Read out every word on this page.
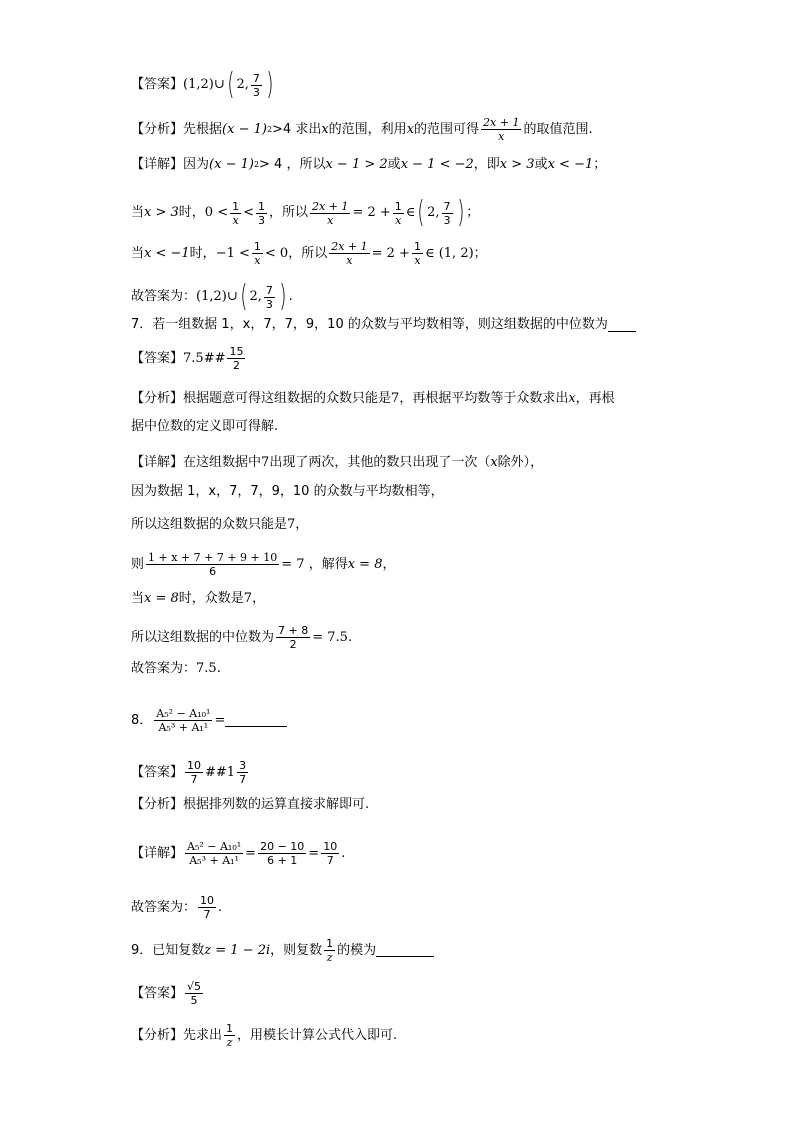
【答案】 (1,2)∪ ( 2, $\frac{7}{3}$ )
【分析】 先根据 (x − 1) 2 >4 求出 x 的范围，利用 x 的范围可得 $\frac{2x + 1}{x}$ 的取值范围.
【详解】 因为 (x − 1) 2 > 4 ，所以 x − 1 > 2 或 x − 1 < −2 ，即 x > 3 或 x < −1 ；
当 x > 3 时， $0 < \frac{1}{x} < \frac{1}{3}$ ，所以 $\frac{2x + 1}{x} = 2 + \frac{1}{x}$ ∈ ( 2, $\frac{7}{3}$ ) ；
当 x < −1 时， $-1 < \frac{1}{x} < 0$ ，所以 $\frac{2x + 1}{x} = 2 + \frac{1}{x}$ ∈ (1, 2) ；
故答案为： (1,2)∪ ( 2, $\frac{7}{3}$ ) .
7．若一组数据 1，x，7，7，9，10 的众数与平均数相等，则这组数据的中位数为
【答案】 7.5## $\frac{15}{2}$
【分析】 根据题意可得这组数据的众数只能是 7 ，再根据平均数等于众数求出 x ，再根
据中位数的定义即可得解.
【详解】 在这组数据中 7 出现了两次，其他的数只出现了一次（ x 除外），
因为数据 1，x，7，7，9，10 的众数与平均数相等，
所以这组数据的众数只能是 7 ，
则 $\frac{1 + x + 7 + 7 + 9 + 10}{6} = 7$ ，解得 x = 8 ，
当 x = 8 时，众数是 7 ，
所以这组数据的中位数为 $\frac{7 + 8}{2} = 7.5$ .
故答案为： 7.5.
8． $\frac{\text{A₅² − A₁₀¹}}{\text{A₅³ + A₁¹}}$ =
【答案】 $\frac{10}{7}$ ##1 $\frac{3}{7}$
【分析】 根据排列数的运算直接求解即可.
【详解】 $\frac{\text{A₅² − A₁₀¹}}{\text{A₅³ + A₁¹}} = \frac{20 - 10}{6 + 1} = \frac{10}{7}$ .
故答案为： $\frac{10}{7}$ .
9．已知复数 z = 1 − 2i ，则复数 $\frac{1}{z}$ 的模为
【答案】 $\frac{√5}{5}$
【分析】 先求出 $\frac{1}{z}$ ，用模长计算公式代入即可.
